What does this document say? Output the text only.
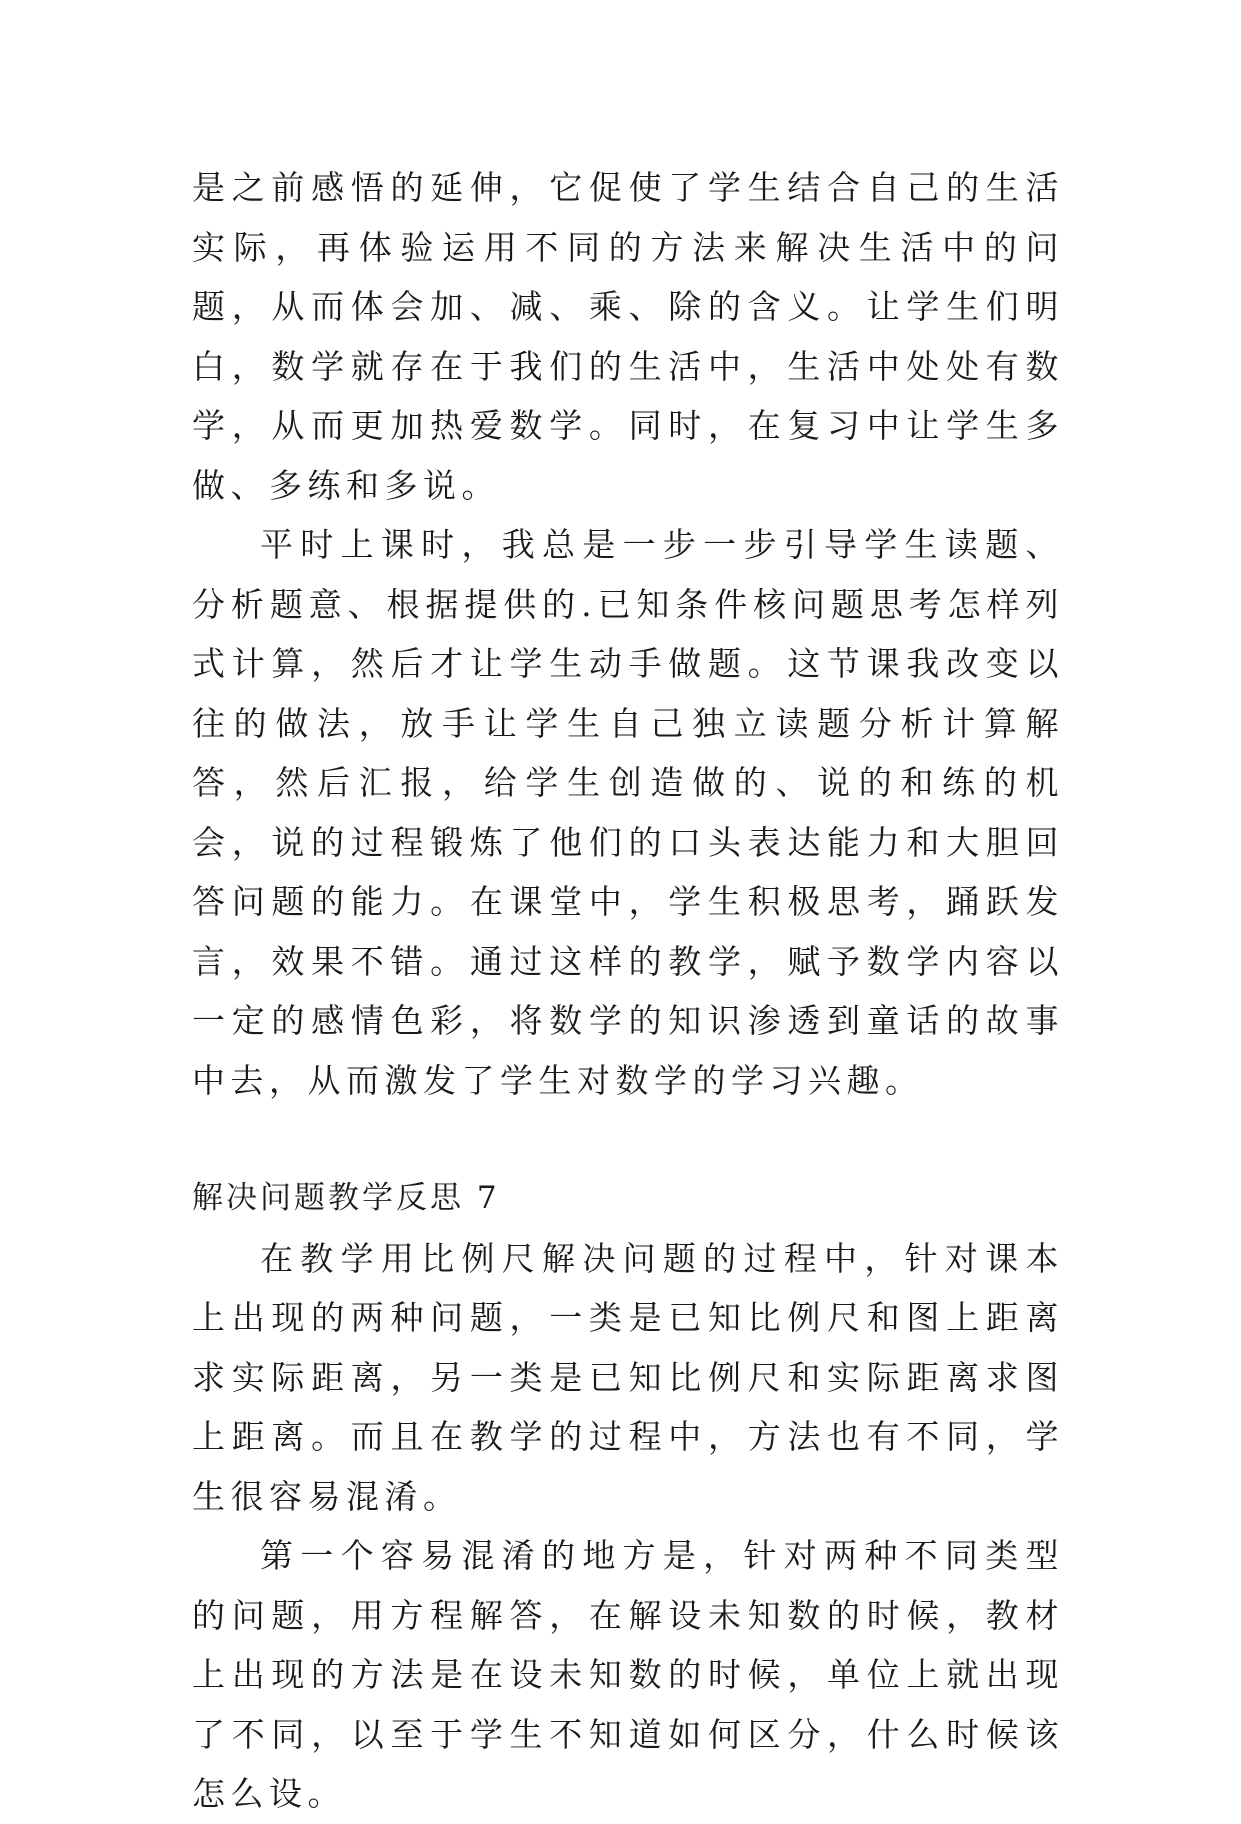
是之前感悟的延伸，它促使了学生结合自己的生活实际，再体验运用不同的方法来解决生活中的问题，从而体会加、减、乘、除的含义。让学生们明白，数学就存在于我们的生活中，生活中处处有数学，从而更加热爱数学。同时，在复习中让学生多做、多练和多说。

平时上课时，我总是一步一步引导学生读题、分析题意、根据提供的.已知条件核问题思考怎样列式计算，然后才让学生动手做题。这节课我改变以往的做法，放手让学生自己独立读题分析计算解答，然后汇报，给学生创造做的、说的和练的机会，说的过程锻炼了他们的口头表达能力和大胆回答问题的能力。在课堂中，学生积极思考，踊跃发言，效果不错。通过这样的教学，赋予数学内容以一定的感情色彩，将数学的知识渗透到童话的故事中去，从而激发了学生对数学的学习兴趣。

解决问题教学反思 7

在教学用比例尺解决问题的过程中，针对课本上出现的两种问题，一类是已知比例尺和图上距离求实际距离，另一类是已知比例尺和实际距离求图上距离。而且在教学的过程中，方法也有不同，学生很容易混淆。

第一个容易混淆的地方是，针对两种不同类型的问题，用方程解答，在解设未知数的时候，教材上出现的方法是在设未知数的时候，单位上就出现了不同，以至于学生不知道如何区分，什么时候该怎么设。
